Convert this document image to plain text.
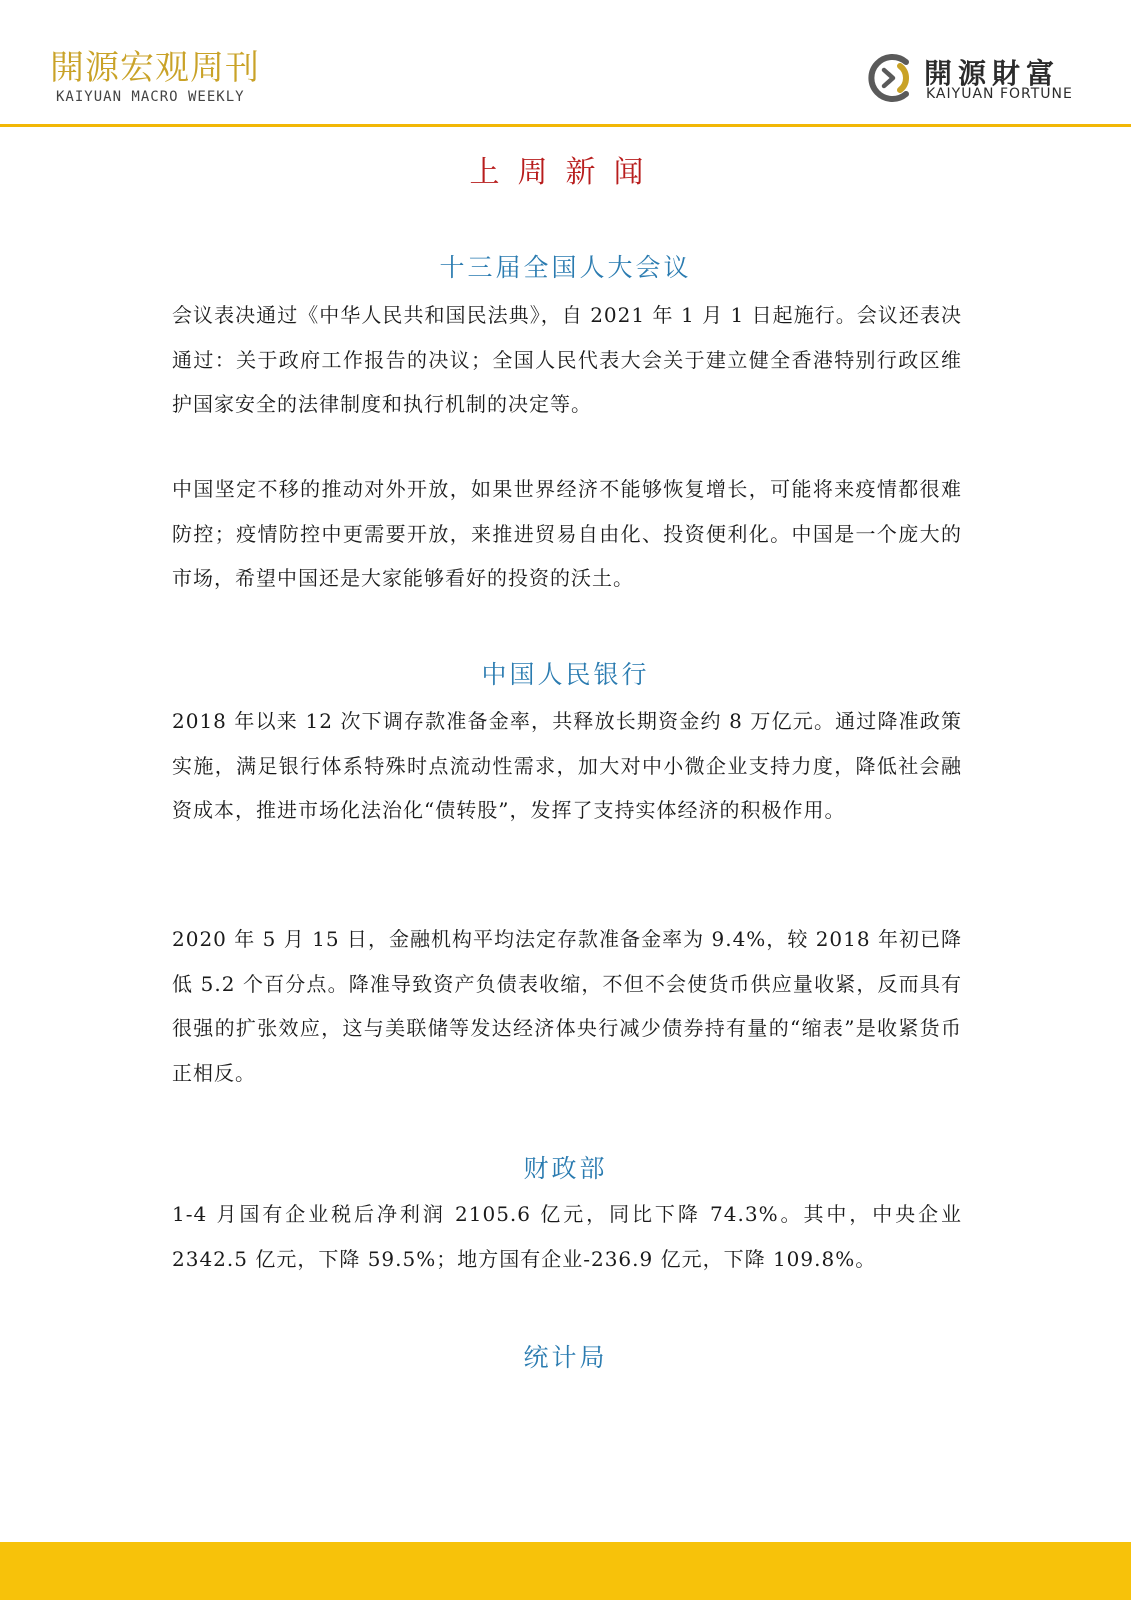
開源宏观周刊
KAIYUAN MACRO WEEKLY
開源財富
KAIYUAN FORTUNE
上周新闻
十三届全国人大会议

会议表决通过《中华人民共和国民法典》，自 2021 年 1 月 1 日起施行。会议还表决通过：关于政府工作报告的决议；全国人民代表大会关于建立健全香港特别行政区维护国家安全的法律制度和执行机制的决定等。

中国坚定不移的推动对外开放，如果世界经济不能够恢复增长，可能将来疫情都很难防控；疫情防控中更需要开放，来推进贸易自由化、投资便利化。中国是一个庞大的市场，希望中国还是大家能够看好的投资的沃土。

中国人民银行

2018 年以来 12 次下调存款准备金率，共释放长期资金约 8 万亿元。通过降准政策实施，满足银行体系特殊时点流动性需求，加大对中小微企业支持力度，降低社会融资成本，推进市场化法治化“债转股”，发挥了支持实体经济的积极作用。

2020 年 5 月 15 日，金融机构平均法定存款准备金率为 9.4%，较 2018 年初已降低 5.2 个百分点。降准导致资产负债表收缩，不但不会使货币供应量收紧，反而具有很强的扩张效应，这与美联储等发达经济体央行减少债券持有量的“缩表”是收紧货币正相反。

财政部

1-4 月国有企业税后净利润 2105.6 亿元，同比下降 74.3%。其中，中央企业 2342.5 亿元，下降 59.5%；地方国有企业-236.9 亿元，下降 109.8%。

统计局
